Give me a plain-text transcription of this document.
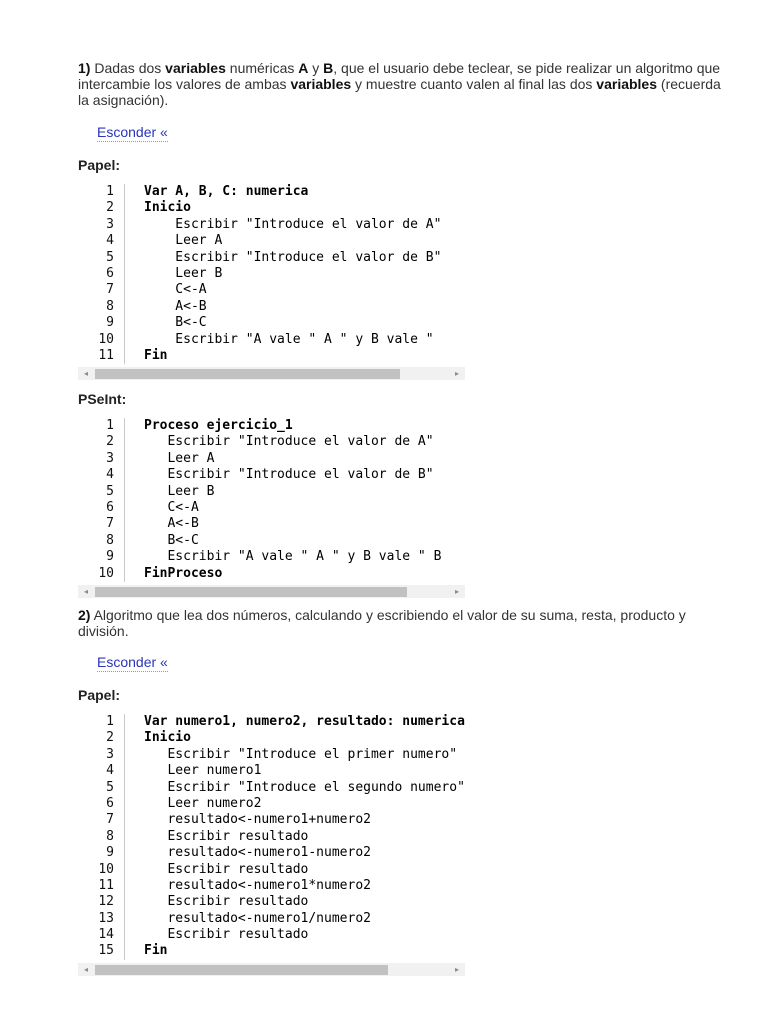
1) Dadas dos variables numéricas A y B, que el usuario debe teclear, se pide realizar un algoritmo que intercambie los valores de ambas variables y muestre cuanto valen al final las dos variables (recuerda la asignación).

Esconder «

Papel:

1 Var A, B, C: numerica
2 Inicio
3 Escribir "Introduce el valor de A"
4 Leer A
5 Escribir "Introduce el valor de B"
6 Leer B
7 C<-A
8 A<-B
9 B<-C
10 Escribir "A vale " A " y B vale "
11 Fin
◂	▸

PSeInt:

1 Proceso ejercicio_1
2 Escribir "Introduce el valor de A"
3 Leer A
4 Escribir "Introduce el valor de B"
5 Leer B
6 C<-A
7 A<-B
8 B<-C
9 Escribir "A vale " A " y B vale " B
10 FinProceso
◂	▸

2) Algoritmo que lea dos números, calculando y escribiendo el valor de su suma, resta, producto y división.

Esconder «

Papel:

1 Var numero1, numero2, resultado: numerica
2 Inicio
3 Escribir "Introduce el primer numero"
4 Leer numero1
5 Escribir "Introduce el segundo numero"
6 Leer numero2
7 resultado<-numero1+numero2
8 Escribir resultado
9 resultado<-numero1-numero2
10 Escribir resultado
11 resultado<-numero1*numero2
12 Escribir resultado
13 resultado<-numero1/numero2
14 Escribir resultado
15 Fin
◂	▸
